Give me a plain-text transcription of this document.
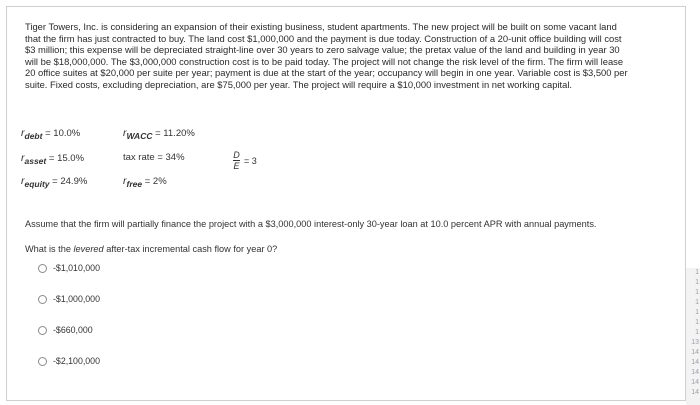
Tiger Towers, Inc. is considering an expansion of their existing business, student apartments. The new project will be built on some vacant land
that the firm has just contracted to buy. The land cost $1,000,000 and the payment is due today. Construction of a 20-unit office building will cost
$3 million; this expense will be depreciated straight-line over 30 years to zero salvage value; the pretax value of the land and building in year 30
will be $18,000,000. The $3,000,000 construction cost is to be paid today. The project will not change the risk level of the firm. The firm will lease
20 office suites at $20,000 per suite per year; payment is due at the start of the year; occupancy will begin in one year. Variable cost is $3,500 per
suite. Fixed costs, excluding depreciation, are $75,000 per year. The project will require a $10,000 investment in net working capital.

$r_{debt} = 10.0\%$
$r_{asset} = 15.0\%$
$r_{equity} = 24.9\%$
$r_{WACC} = 11.20\%$
tax rate = 34%
$r_{free} = 2\%$
D
E
= 3
Assume that the firm will partially finance the project with a $3,000,000 interest-only 30-year loan at 10.0 percent APR with annual payments.
What is the levered after-tax incremental cash flow for year 0?
-$1,010,000
-$1,000,000
-$660,000
-$2,100,000
1
1
1
1
1
1
1
13
14
14
14
14
14
